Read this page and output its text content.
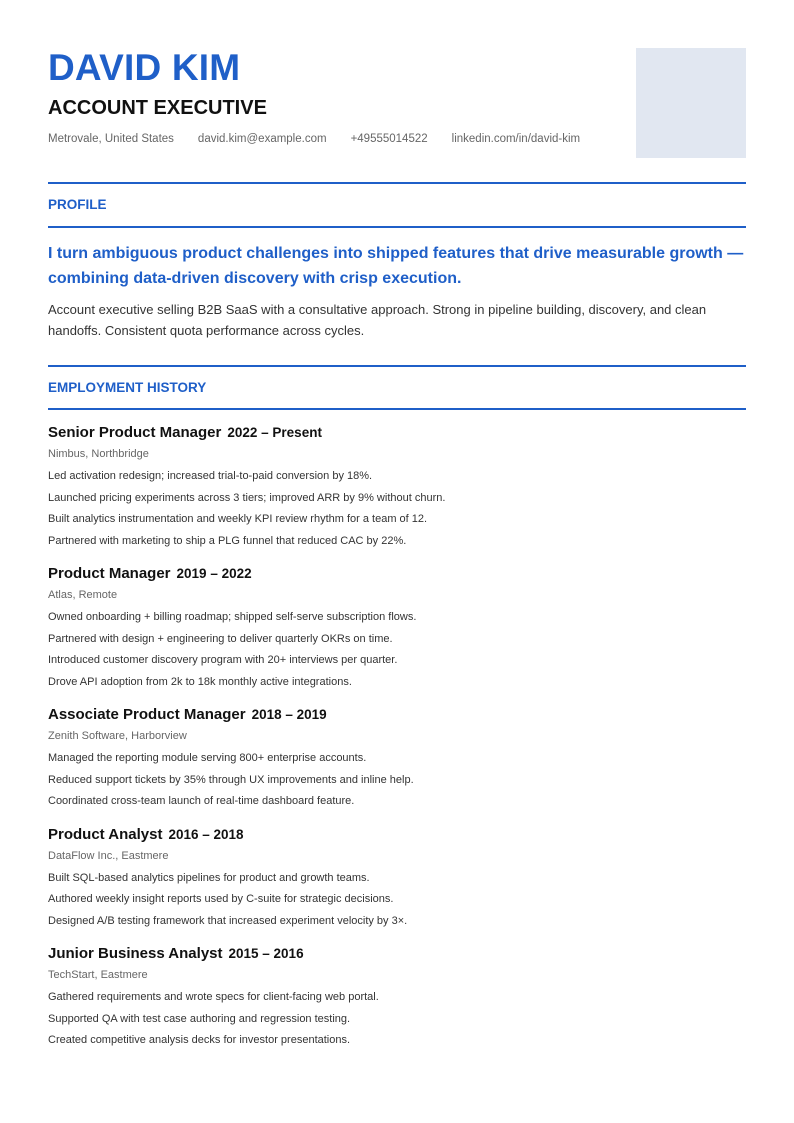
DAVID KIM
ACCOUNT EXECUTIVE
Metrovale, United States david.kim@example.com +49555014522 linkedin.com/in/david-kim
PROFILE

I turn ambiguous product challenges into shipped features that drive measurable growth — combining data-driven discovery with crisp execution.

Account executive selling B2B SaaS with a consultative approach. Strong in pipeline building, discovery, and clean handoffs. Consistent quota performance across cycles.

EMPLOYMENT HISTORY

Senior Product Manager 2022 – Present

Nimbus, Northbridge

Led activation redesign; increased trial-to-paid conversion by 18%.
Launched pricing experiments across 3 tiers; improved ARR by 9% without churn.
Built analytics instrumentation and weekly KPI review rhythm for a team of 12.
Partnered with marketing to ship a PLG funnel that reduced CAC by 22%.

Product Manager 2019 – 2022

Atlas, Remote

Owned onboarding + billing roadmap; shipped self-serve subscription flows.
Partnered with design + engineering to deliver quarterly OKRs on time.
Introduced customer discovery program with 20+ interviews per quarter.
Drove API adoption from 2k to 18k monthly active integrations.

Associate Product Manager 2018 – 2019

Zenith Software, Harborview

Managed the reporting module serving 800+ enterprise accounts.
Reduced support tickets by 35% through UX improvements and inline help.
Coordinated cross-team launch of real-time dashboard feature.

Product Analyst 2016 – 2018

DataFlow Inc., Eastmere

Built SQL-based analytics pipelines for product and growth teams.
Authored weekly insight reports used by C-suite for strategic decisions.
Designed A/B testing framework that increased experiment velocity by 3×.

Junior Business Analyst 2015 – 2016

TechStart, Eastmere

Gathered requirements and wrote specs for client-facing web portal.
Supported QA with test case authoring and regression testing.
Created competitive analysis decks for investor presentations.
